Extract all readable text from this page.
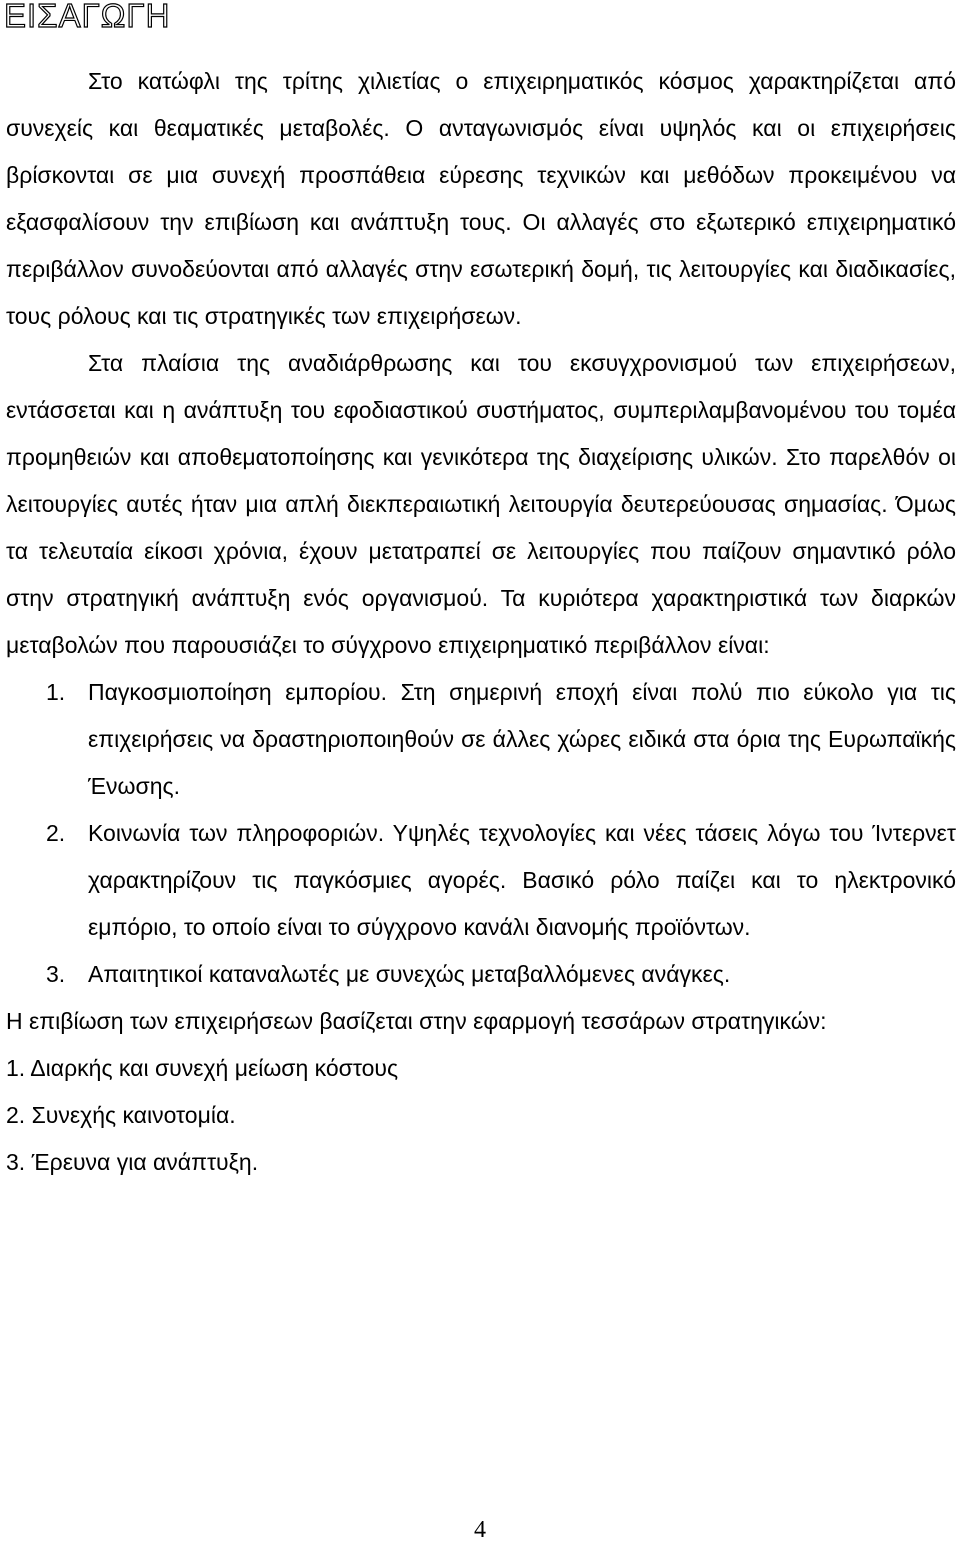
ΕΙΣΑΓΩΓΗ

Στο κατώφλι της τρίτης χιλιετίας ο επιχειρηματικός κόσμος χαρακτηρίζεται από συνεχείς και θεαματικές μεταβολές. Ο ανταγωνισμός είναι υψηλός και οι επιχειρήσεις βρίσκονται σε μια συνεχή προσπάθεια εύρεσης τεχνικών και μεθόδων προκειμένου να εξασφαλίσουν την επιβίωση και ανάπτυξη τους. Οι αλλαγές στο εξωτερικό επιχειρηματικό περιβάλλον συνοδεύονται από αλλαγές στην εσωτερική δομή, τις λειτουργίες και διαδικασίες, τους ρόλους και τις στρατηγικές των επιχειρήσεων.

Στα πλαίσια της αναδιάρθρωσης και του εκσυγχρονισμού των επιχειρήσεων, εντάσσεται και η ανάπτυξη του εφοδιαστικού συστήματος, συμπεριλαμβανομένου του τομέα προμηθειών και αποθεματοποίησης και γενικότερα της διαχείρισης υλικών. Στο παρελθόν οι λειτουργίες αυτές ήταν μια απλή διεκπεραιωτική λειτουργία δευτερεύουσας σημασίας. Όμως τα τελευταία είκοσι χρόνια, έχουν μετατραπεί σε λειτουργίες που παίζουν σημαντικό ρόλο στην στρατηγική ανάπτυξη ενός οργανισμού. Τα κυριότερα χαρακτηριστικά των διαρκών μεταβολών που παρουσιάζει το σύγχρονο επιχειρηματικό περιβάλλον είναι:

1. Παγκοσμιοποίηση εμπορίου. Στη σημερινή εποχή είναι πολύ πιο εύκολο για τις επιχειρήσεις να δραστηριοποιηθούν σε άλλες χώρες ειδικά στα όρια της Ευρωπαϊκής Ένωσης.
2. Κοινωνία των πληροφοριών. Υψηλές τεχνολογίες και νέες τάσεις λόγω του Ίντερνετ χαρακτηρίζουν τις παγκόσμιες αγορές. Βασικό ρόλο παίζει και το ηλεκτρονικό εμπόριο, το οποίο είναι το σύγχρονο κανάλι διανομής προϊόντων.
3. Απαιτητικοί καταναλωτές με συνεχώς μεταβαλλόμενες ανάγκες.

Η επιβίωση των επιχειρήσεων βασίζεται στην εφαρμογή τεσσάρων στρατηγικών:

1. Διαρκής και συνεχή μείωση κόστους
2. Συνεχής καινοτομία.
3. Έρευνα για ανάπτυξη.
4
